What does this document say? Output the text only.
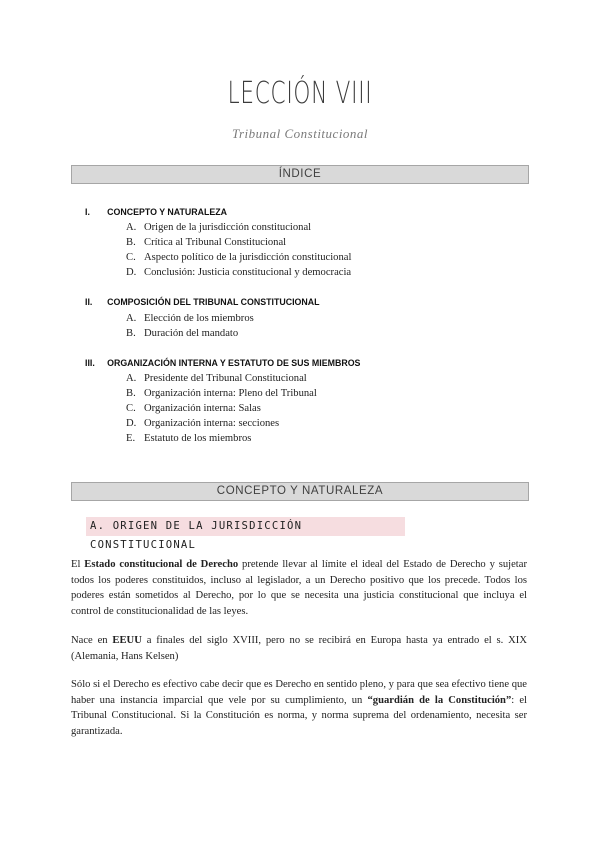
LECCIÓN VIII
Tribunal Constitucional
ÍNDICE
I. CONCEPTO Y NATURALEZA
A. Origen de la jurisdicción constitucional
B. Crítica al Tribunal Constitucional
C. Aspecto político de la jurisdicción constitucional
D. Conclusión: Justicia constitucional y democracia
II. COMPOSICIÓN DEL TRIBUNAL CONSTITUCIONAL
A. Elección de los miembros
B. Duración del mandato
III. ORGANIZACIÓN INTERNA Y ESTATUTO DE SUS MIEMBROS
A. Presidente del Tribunal Constitucional
B. Organización interna: Pleno del Tribunal
C. Organización interna: Salas
D. Organización interna: secciones
E. Estatuto de los miembros
CONCEPTO Y NATURALEZA
A. ORIGEN DE LA JURISDICCIÓN CONSTITUCIONAL

El Estado constitucional de Derecho pretende llevar al límite el ideal del Estado de Derecho y sujetar todos los poderes constituidos, incluso al legislador, a un Derecho positivo que los precede. Todos los poderes están sometidos al Derecho, por lo que se necesita una justicia constitucional que incluya el control de constitucionalidad de las leyes.

Nace en EEUU a finales del siglo XVIII, pero no se recibirá en Europa hasta ya entrado el s. XIX (Alemania, Hans Kelsen)

Sólo si el Derecho es efectivo cabe decir que es Derecho en sentido pleno, y para que sea efectivo tiene que haber una instancia imparcial que vele por su cumplimiento, un “guardián de la Constitución”: el Tribunal Constitucional. Si la Constitución es norma, y norma suprema del ordenamiento, necesita ser garantizada.
